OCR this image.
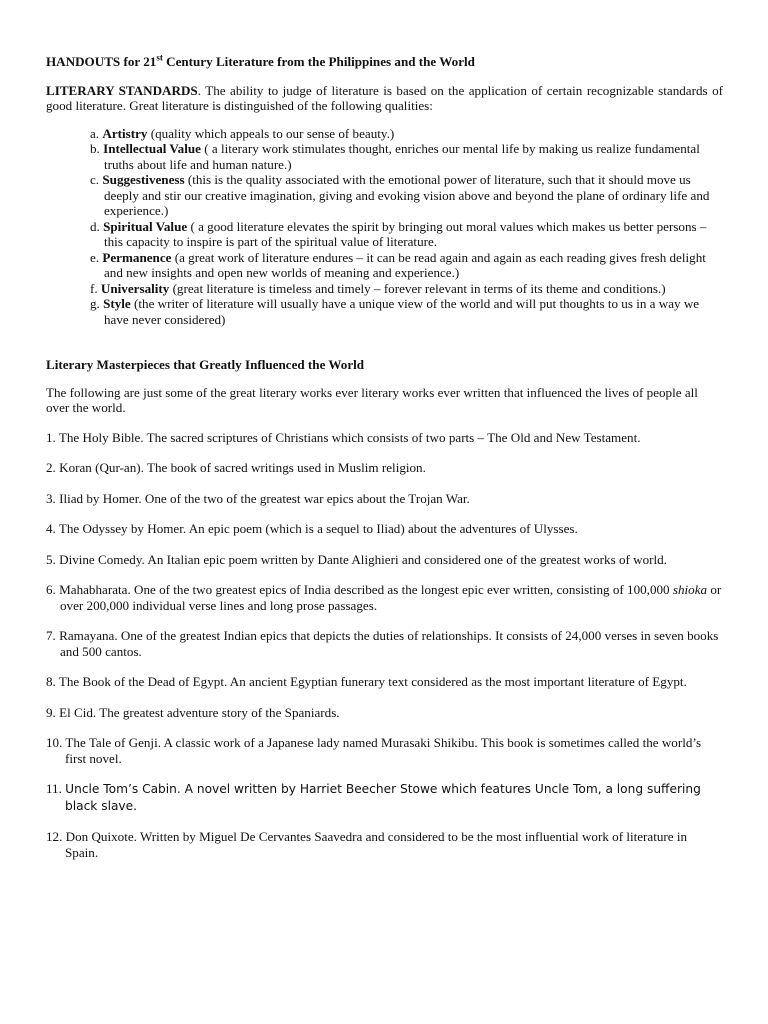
HANDOUTS for 21st Century Literature from the Philippines and the World

LITERARY STANDARDS. The ability to judge of literature is based on the application of certain recognizable standards of good literature. Great literature is distinguished of the following qualities:

a. Artistry (quality which appeals to our sense of beauty.)
b. Intellectual Value ( a literary work stimulates thought, enriches our mental life by making us realize fundamental truths about life and human nature.)
c. Suggestiveness (this is the quality associated with the emotional power of literature, such that it should move us deeply and stir our creative imagination, giving and evoking vision above and beyond the plane of ordinary life and experience.)
d. Spiritual Value ( a good literature elevates the spirit by bringing out moral values which makes us better persons – this capacity to inspire is part of the spiritual value of literature.
e. Permanence (a great work of literature endures – it can be read again and again as each reading gives fresh delight and new insights and open new worlds of meaning and experience.)
f. Universality (great literature is timeless and timely – forever relevant in terms of its theme and conditions.)
g. Style (the writer of literature will usually have a unique view of the world and will put thoughts to us in a way we have never considered)

Literary Masterpieces that Greatly Influenced the World

The following are just some of the great literary works ever literary works ever written that influenced the lives of people all over the world.

1. The Holy Bible. The sacred scriptures of Christians which consists of two parts – The Old and New Testament.
2. Koran (Qur-an). The book of sacred writings used in Muslim religion.
3. Iliad by Homer. One of the two of the greatest war epics about the Trojan War.
4. The Odyssey by Homer. An epic poem (which is a sequel to Iliad) about the adventures of Ulysses.
5. Divine Comedy. An Italian epic poem written by Dante Alighieri and considered one of the greatest works of world.
6. Mahabharata. One of the two greatest epics of India described as the longest epic ever written, consisting of 100,000 shioka or over 200,000 individual verse lines and long prose passages.
7. Ramayana. One of the greatest Indian epics that depicts the duties of relationships. It consists of 24,000 verses in seven books and 500 cantos.
8. The Book of the Dead of Egypt. An ancient Egyptian funerary text considered as the most important literature of Egypt.
9. El Cid. The greatest adventure story of the Spaniards.
10. The Tale of Genji. A classic work of a Japanese lady named Murasaki Shikibu. This book is sometimes called the world’s first novel.
11. Uncle Tom’s Cabin. A novel written by Harriet Beecher Stowe which features Uncle Tom, a long suffering black slave.
12. Don Quixote. Written by Miguel De Cervantes Saavedra and considered to be the most influential work of literature in Spain.
